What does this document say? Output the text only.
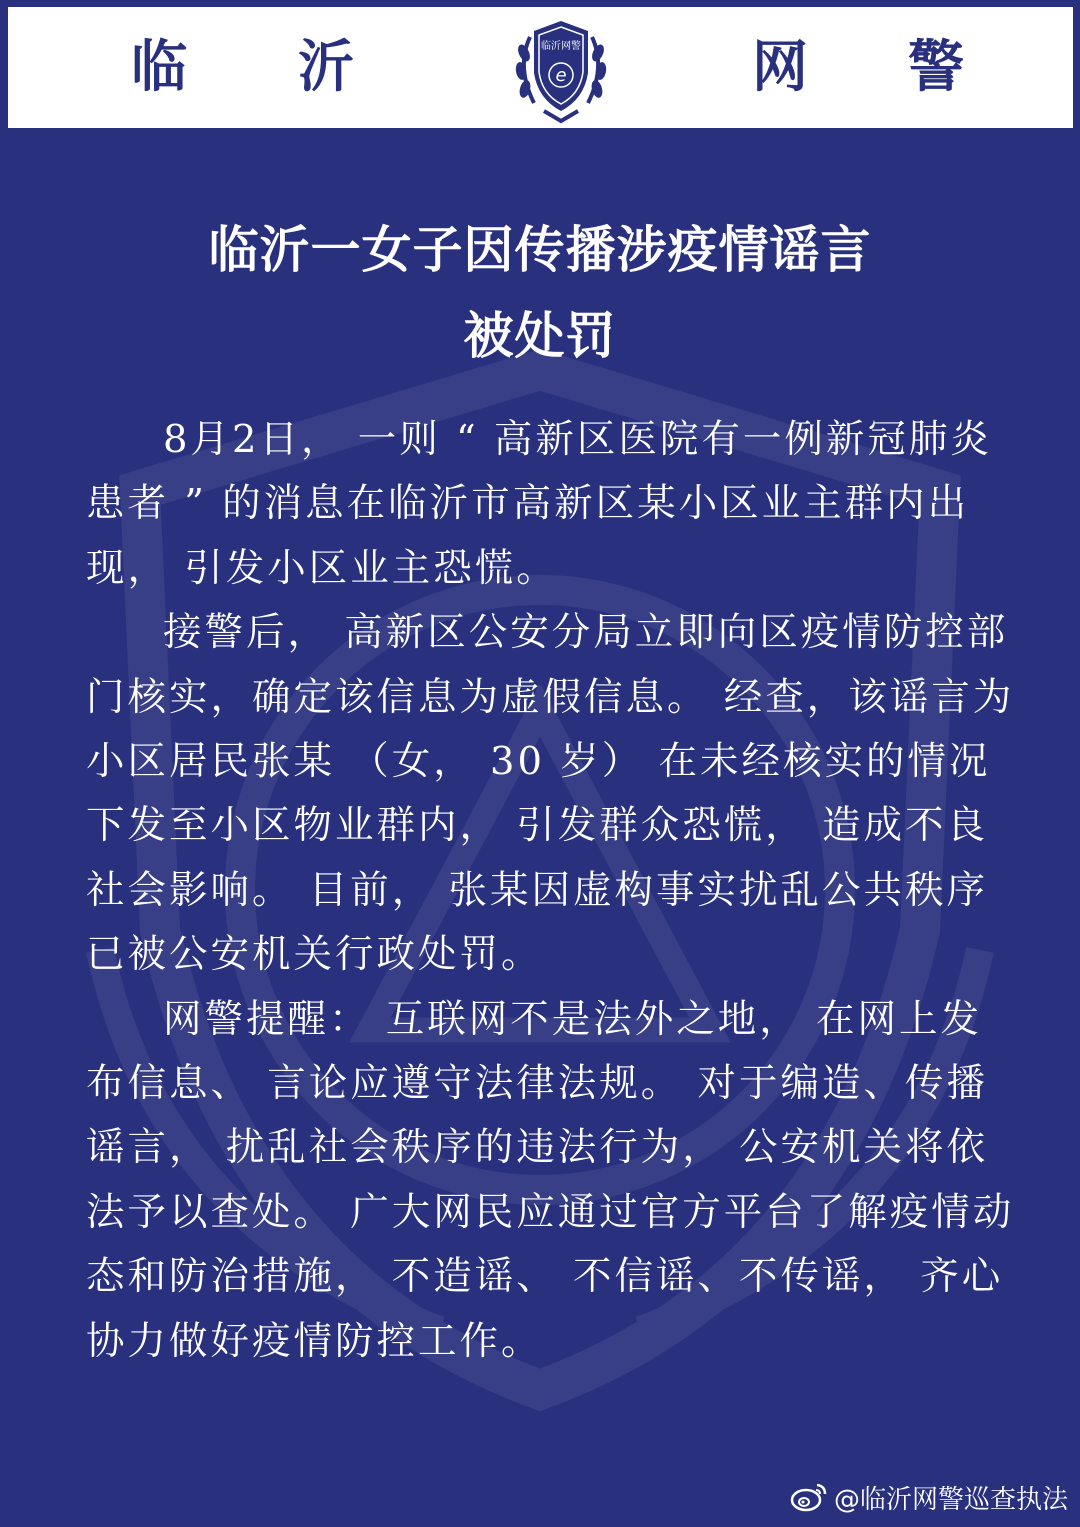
临 沂	临沂网警
e	网 警
临沂一女子因传播涉疫情谣言
被处罚

8月2日， 一则 “ 高新区医院有一例新冠肺炎患者 ” 的消息在临沂市高新区某小区业主群内出现， 引发小区业主恐慌。

接警后， 高新区公安分局立即向区疫情防控部门核实，确定该信息为虚假信息。 经查，该谣言为小区居民张某 （女， 30 岁） 在未经核实的情况下发至小区物业群内， 引发群众恐慌， 造成不良社会影响。 目前， 张某因虚构事实扰乱公共秩序已被公安机关行政处罚。

网警提醒： 互联网不是法外之地， 在网上发布信息、 言论应遵守法律法规。 对于编造、传播谣言， 扰乱社会秩序的违法行为， 公安机关将依法予以查处。 广大网民应通过官方平台了解疫情动态和防治措施， 不造谣、 不信谣、不传谣， 齐心协力做好疫情防控工作。

@临沂网警巡查执法
